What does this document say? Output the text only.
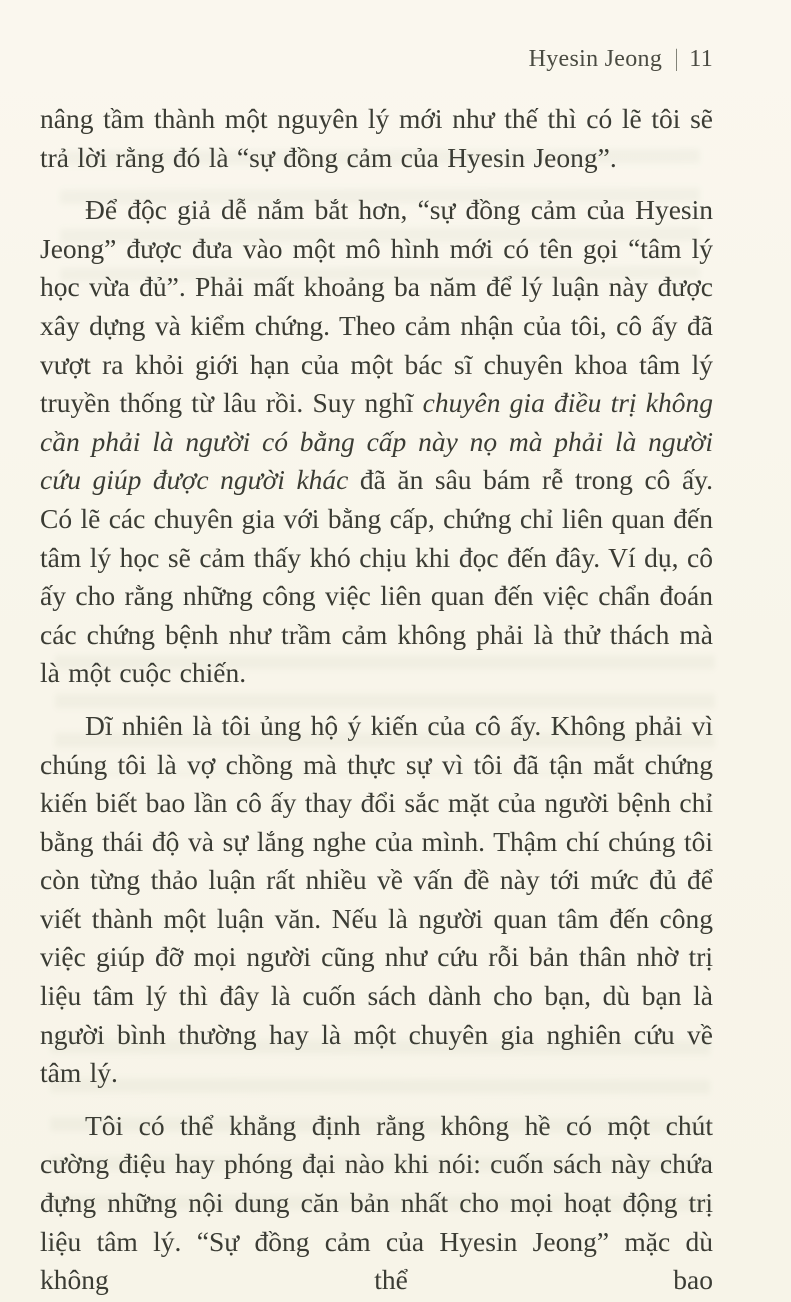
Hyesin Jeong | 11

nâng tầm thành một nguyên lý mới như thế thì có lẽ tôi sẽ trả lời rằng đó là “sự đồng cảm của Hyesin Jeong”.

Để độc giả dễ nắm bắt hơn, “sự đồng cảm của Hyesin Jeong” được đưa vào một mô hình mới có tên gọi “tâm lý học vừa đủ”. Phải mất khoảng ba năm để lý luận này được xây dựng và kiểm chứng. Theo cảm nhận của tôi, cô ấy đã vượt ra khỏi giới hạn của một bác sĩ chuyên khoa tâm lý truyền thống từ lâu rồi. Suy nghĩ chuyên gia điều trị không cần phải là người có bằng cấp này nọ mà phải là người cứu giúp được người khác đã ăn sâu bám rễ trong cô ấy. Có lẽ các chuyên gia với bằng cấp, chứng chỉ liên quan đến tâm lý học sẽ cảm thấy khó chịu khi đọc đến đây. Ví dụ, cô ấy cho rằng những công việc liên quan đến việc chẩn đoán các chứng bệnh như trầm cảm không phải là thử thách mà là một cuộc chiến.

Dĩ nhiên là tôi ủng hộ ý kiến của cô ấy. Không phải vì chúng tôi là vợ chồng mà thực sự vì tôi đã tận mắt chứng kiến biết bao lần cô ấy thay đổi sắc mặt của người bệnh chỉ bằng thái độ và sự lắng nghe của mình. Thậm chí chúng tôi còn từng thảo luận rất nhiều về vấn đề này tới mức đủ để viết thành một luận văn. Nếu là người quan tâm đến công việc giúp đỡ mọi người cũng như cứu rỗi bản thân nhờ trị liệu tâm lý thì đây là cuốn sách dành cho bạn, dù bạn là người bình thường hay là một chuyên gia nghiên cứu về tâm lý.

Tôi có thể khẳng định rằng không hề có một chút cường điệu hay phóng đại nào khi nói: cuốn sách này chứa đựng những nội dung căn bản nhất cho mọi hoạt động trị liệu tâm lý. “Sự đồng cảm của Hyesin Jeong” mặc dù không thể bao
